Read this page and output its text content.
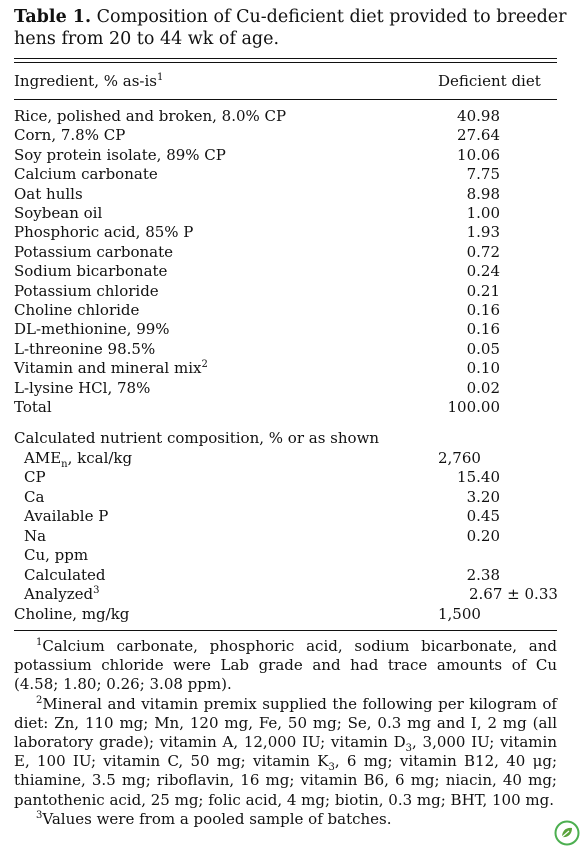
Table 1. Composition of Cu-deficient diet provided to breeder hens from 20 to 44 wk of age.
Ingredient, % $as-is^1$	Deficient diet
Rice, polished and broken, 8.0% CP	40.98
Corn, 7.8% CP	27.64
Soy protein isolate, 89% CP	10.06
Calcium carbonate	7.75
Oat hulls	8.98
Soybean oil	1.00
Phosphoric acid, 85% P	1.93
Potassium carbonate	0.72
Sodium bicarbonate	0.24
Potassium chloride	0.21
Choline chloride	0.16
DL-methionine, 99%	0.16
L-threonine 98.5%	0.05
Vitamin and mineral mix$^2$	0.10
L-lysine HCl, 78%	0.02
Total	100.00
Calculated nutrient composition, % or as shown
$AME_n$, kcal/kg	2,760
CP	15.40
Ca	3.20
Available P	0.45
Na	0.20
Cu, ppm
Calculated	2.38
Analyzed$^3$	2.67 ± 0.33
Choline, mg/kg	1,500

$^1$Calcium carbonate, phosphoric acid, sodium bicarbonate, and potassium chloride were Lab grade and had trace amounts of Cu (4.58; 1.80; 0.26; 3.08 ppm).

$^2$Mineral and vitamin premix supplied the following per kilogram of diet: Zn, 110 mg; Mn, 120 mg, Fe, 50 mg; Se, 0.3 mg and I, 2 mg (all laboratory grade); vitamin A, 12,000 IU; vitamin $D_3$, 3,000 IU; vitamin E, 100 IU; vitamin C, 50 mg; vitamin $K_3$, 6 mg; vitamin B12, 40 μg; thiamine, 3.5 mg; riboflavin, 16 mg; vitamin B6, 6 mg; niacin, 40 mg; pantothenic acid, 25 mg; folic acid, 4 mg; biotin, 0.3 mg; BHT, 100 mg.

$^3$Values were from a pooled sample of batches.
